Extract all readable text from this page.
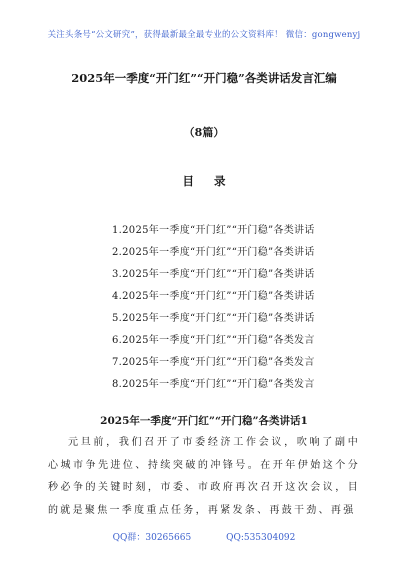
关注头条号“公文研究”，获得最新最全最专业的公文资料库！ 微信：gongwenyj
2025年一季度“开门红”“开门稳”各类讲话发言汇编
（8篇）
目 录
1.2025年一季度“开门红”“开门稳”各类讲话
2.2025年一季度“开门红”“开门稳”各类讲话
3.2025年一季度“开门红”“开门稳”各类讲话
4.2025年一季度“开门红”“开门稳”各类讲话
5.2025年一季度“开门红”“开门稳”各类讲话
6.2025年一季度“开门红”“开门稳”各类发言
7.2025年一季度“开门红”“开门稳”各类发言
8.2025年一季度“开门红”“开门稳”各类发言
2025年一季度“开门红”“开门稳”各类讲话1

元旦前，我们召开了市委经济工作会议，吹响了副中心城市争先进位、持续突破的冲锋号。在开年伊始这个分秒必争的关键时刻，市委、市政府再次召开这次会议，目的就是聚焦一季度重点任务，再紧发条、再鼓干劲、再强

QQ群：30265665	QQ:535304092
